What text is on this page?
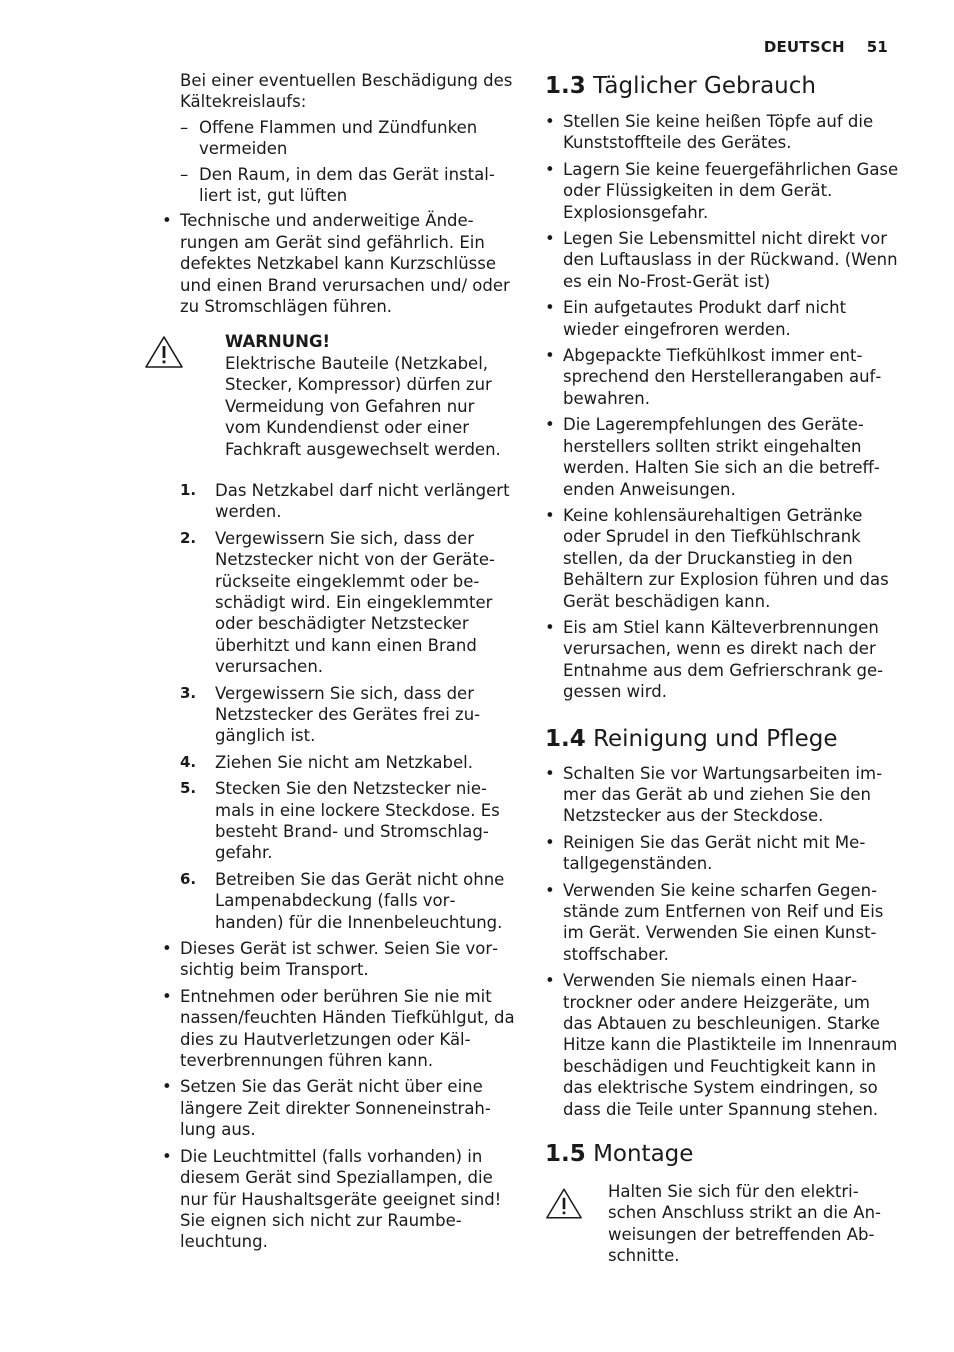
DEUTSCH 51

Bei einer eventuellen Beschädigung des Kältekreislaufs:

– Offene Flammen und Zündfunken vermeiden
– Den Raum, in dem das Gerät installiert ist, gut lüften
• Technische und anderweitige Änderungen am Gerät sind gefährlich. Ein defektes Netzkabel kann Kurzschlüsse und einen Brand verursachen und/ oder zu Stromschlägen führen.
WARNUNG!
Elektrische Bauteile (Netzkabel, Stecker, Kompressor) dürfen zur Vermeidung von Gefahren nur vom Kundendienst oder einer Fachkraft ausgewechselt werden.
1. Das Netzkabel darf nicht verlängert werden.
2. Vergewissern Sie sich, dass der Netzstecker nicht von der Geräterückseite eingeklemmt oder beschädigt wird. Ein eingeklemmter oder beschädigter Netzstecker überhitzt und kann einen Brand verursachen.
3. Vergewissern Sie sich, dass der Netzstecker des Gerätes frei zugänglich ist.
4. Ziehen Sie nicht am Netzkabel.
5. Stecken Sie den Netzstecker niemals in eine lockere Steckdose. Es besteht Brand- und Stromschlaggefahr.
6. Betreiben Sie das Gerät nicht ohne Lampenabdeckung (falls vorhanden) für die Innenbeleuchtung.
• Dieses Gerät ist schwer. Seien Sie vorsichtig beim Transport.
• Entnehmen oder berühren Sie nie mit nassen/feuchten Händen Tiefkühlgut, da dies zu Hautverletzungen oder Kälteverbrennungen führen kann.
• Setzen Sie das Gerät nicht über eine längere Zeit direkter Sonneneinstrahlung aus.
• Die Leuchtmittel (falls vorhanden) in diesem Gerät sind Speziallampen, die nur für Haushaltsgeräte geeignet sind! Sie eignen sich nicht zur Raumbeleuchtung.
1.3 Täglicher Gebrauch
• Stellen Sie keine heißen Töpfe auf die Kunststoffteile des Gerätes.
• Lagern Sie keine feuergefährlichen Gase oder Flüssigkeiten in dem Gerät. Explosionsgefahr.
• Legen Sie Lebensmittel nicht direkt vor den Luftauslass in der Rückwand. (Wenn es ein No-Frost-Gerät ist)
• Ein aufgetautes Produkt darf nicht wieder eingefroren werden.
• Abgepackte Tiefkühlkost immer entsprechend den Herstellerangaben aufbewahren.
• Die Lagerempfehlungen des Geräteherstellers sollten strikt eingehalten werden. Halten Sie sich an die betreffenden Anweisungen.
• Keine kohlensäurehaltigen Getränke oder Sprudel in den Tiefkühlschrank stellen, da der Druckanstieg in den Behältern zur Explosion führen und das Gerät beschädigen kann.
• Eis am Stiel kann Kälteverbrennungen verursachen, wenn es direkt nach der Entnahme aus dem Gefrierschrank gegessen wird.
1.4 Reinigung und Pflege
• Schalten Sie vor Wartungsarbeiten immer das Gerät ab und ziehen Sie den Netzstecker aus der Steckdose.
• Reinigen Sie das Gerät nicht mit Metallgegenständen.
• Verwenden Sie keine scharfen Gegenstände zum Entfernen von Reif und Eis im Gerät. Verwenden Sie einen Kunststoffschaber.
• Verwenden Sie niemals einen Haartrockner oder andere Heizgeräte, um das Abtauen zu beschleunigen. Starke Hitze kann die Plastikteile im Innenraum beschädigen und Feuchtigkeit kann in das elektrische System eindringen, so dass die Teile unter Spannung stehen.
1.5 Montage
Halten Sie sich für den elektrischen Anschluss strikt an die Anweisungen der betreffenden Abschnitte.
